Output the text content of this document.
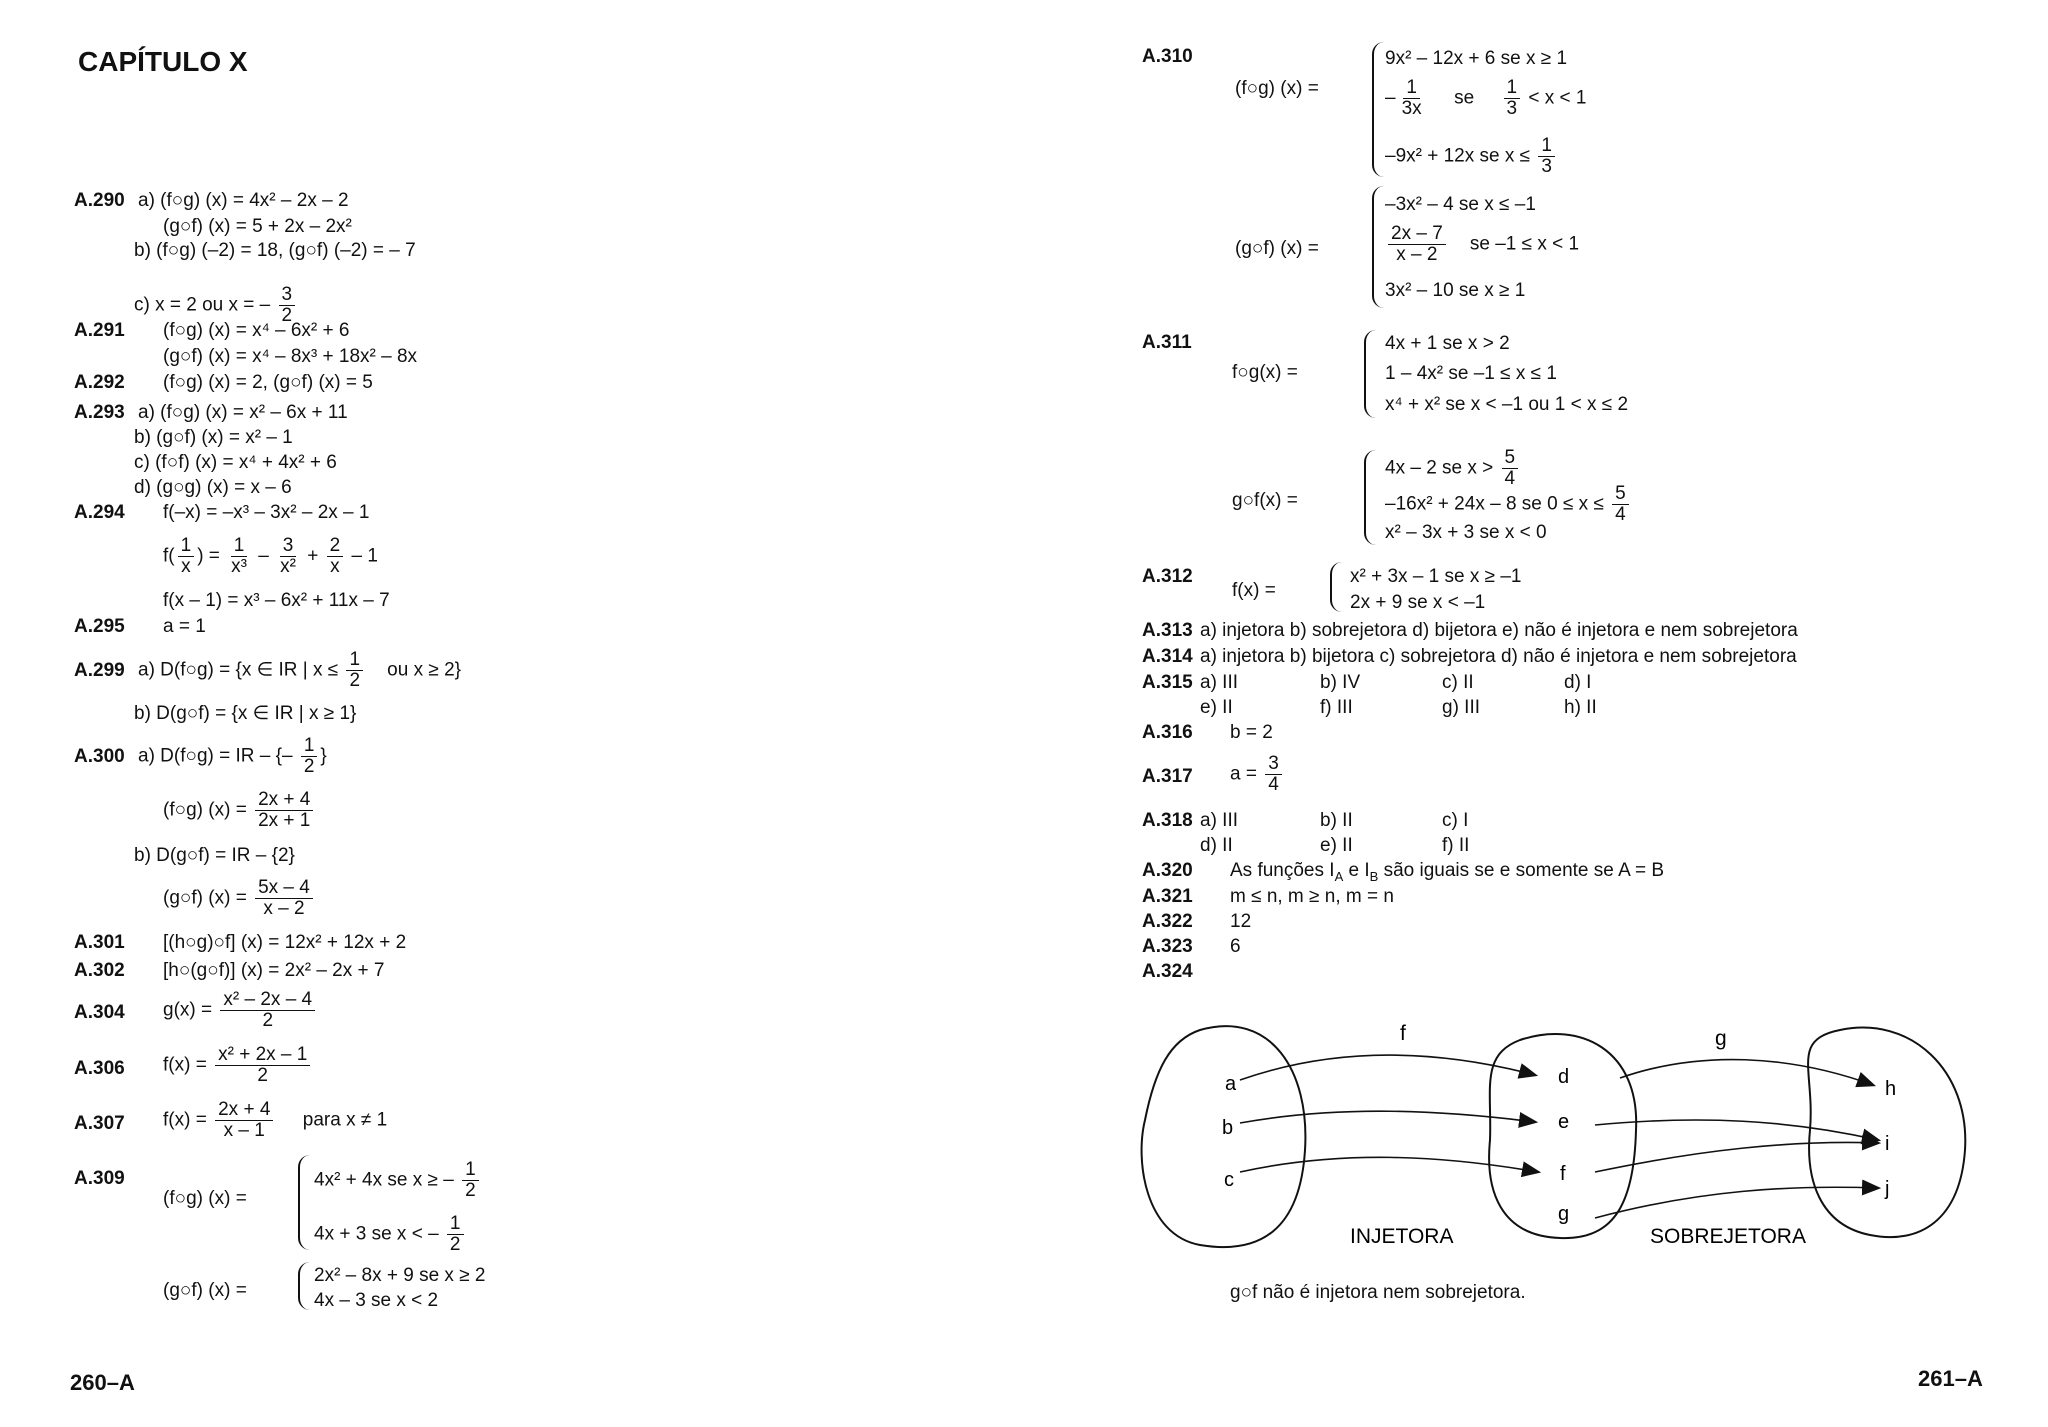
CAPÍTULO X
A.290 a) (f○g) (x) = 4x² – 2x – 2
(g○f) (x) = 5 + 2x – 2x²
b) (f○g) (–2) = 18, (g○f) (–2) = – 7
c) x = 2 ou x = – $\frac{3}{2}$
A.291 (f○g) (x) = x⁴ – 6x² + 6
(g○f) (x) = x⁴ – 8x³ + 18x² – 8x
A.292 (f○g) (x) = 2, (g○f) (x) = 5
A.293 a) (f○g) (x) = x² – 6x + 11
b) (g○f) (x) = x² – 1
c) (f○f) (x) = x⁴ + 4x² + 6
d) (g○g) (x) = x – 6
A.294 f(–x) = –x³ – 3x² – 2x – 1
$f( \frac{1}{x}$ ) = $\frac{1}{\text{x³}} - \frac{3}{\text{x²}} + \frac{2}{x} - 1$
f(x – 1) = x³ – 6x² + 11x – 7
A.295 a = 1
A.299 a) D(f○g) = {x ∈ IR | $x \le \frac{1}{2}$ ou x ≥ 2}
b) D(g○f) = {x ∈ IR | x ≥ 1}
A.300 a) D(f○g) = IR – {– $\frac{1}{2}$ }
(f○g) $(x) = \frac{2x + 4}{2x + 1}$
b) D(g○f) = IR – {2}
(g○f) $(x) = \frac{5x - 4}{x - 2}$
A.301 [(h○g)○f] (x) = 12x² + 12x + 2
A.302 [h○(g○f)] (x) = 2x² – 2x + 7
A.304 $g(x) = \frac{\text{x² – 2x – 4}}{2}$
A.306 $f(x) = \frac{\text{x² + 2x – 1}}{2}$
A.307 $f(x) = \frac{2x + 4}{x - 1}$ para x ≠ 1
A.309
(f○g) (x) =
4x² + 4x se x ≥ – $\frac{1}{2}$
4x + 3 se x < – $\frac{1}{2}$
(g○f) (x) =
2x² – 8x + 9 se x ≥ 2
4x – 3 se x < 2
260–A
A.310
(f○g) (x) =
9x² – 12x + 6 se x ≥ 1
– $\frac{1}{3x}$ se $\frac{1}{3} < x < 1$
–9x² + 12x se $x \le \frac{1}{3}$
(g○f) (x) =
–3x² – 4 se x ≤ –1
$\frac{2x - 7}{x - 2}$ se –1 ≤ x < 1
3x² – 10 se x ≥ 1
A.311
f○g(x) =
4x + 1 se x > 2
1 – 4x² se –1 ≤ x ≤ 1
x⁴ + x² se x < –1 ou 1 < x ≤ 2
g○f(x) =
4x – 2 se $x > \frac{5}{4}$
–16x² + 24x – 8 se $0 \le x \le \frac{5}{4}$
x² – 3x + 3 se x < 0
A.312
f(x) =
x² + 3x – 1 se x ≥ –1
2x + 9 se x < –1
A.313 a) injetora b) sobrejetora d) bijetora e) não é injetora e nem sobrejetora
A.314 a) injetora b) bijetora c) sobrejetora d) não é injetora e nem sobrejetora
A.315 a) III	b) IV	c) II	d) I
e) II	f) III	g) III	h) II
A.316 b = 2
A.317 $a = \frac{3}{4}$
A.318 a) III	b) II	c) I
d) II	e) II	f) II
A.320 As funções $I_A$ e $I_B$ são iguais se e somente se A = B
A.321 m ≤ n, m ≥ n, m = n
A.322 12
A.323 6
A.324
f	g
a
b
c
d
e
f
g
h
i
j
INJETORA	SOBREJETORA
g○f não é injetora nem sobrejetora.
261–A
